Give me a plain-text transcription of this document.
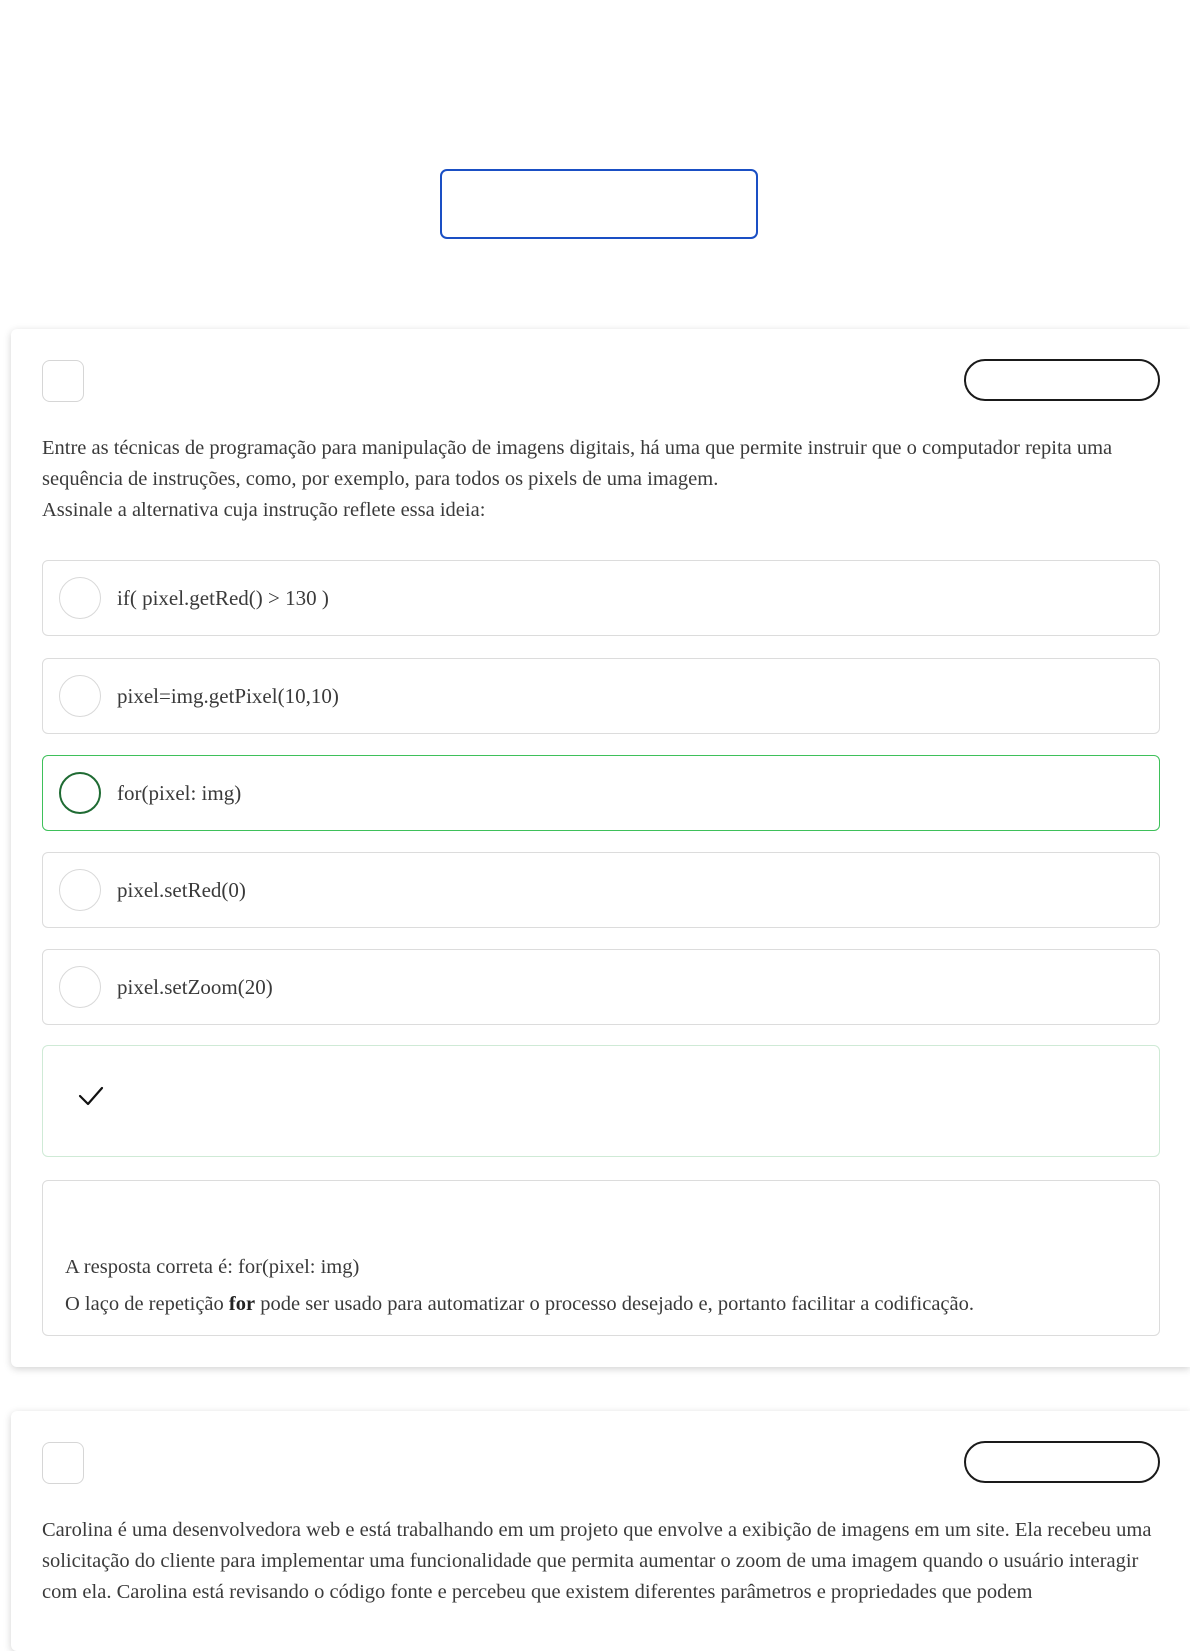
Entre as técnicas de programação para manipulação de imagens digitais, há uma que permite instruir que o computador repita uma sequência de instruções, como, por exemplo, para todos os pixels de uma imagem.

Assinale a alternativa cuja instrução reflete essa ideia:

if( pixel.getRed() > 130 )
pixel=img.getPixel(10,10)
for(pixel: img)
pixel.setRed(0)
pixel.setZoom(20)
A resposta correta é: for(pixel: img)
O laço de repetição for pode ser usado para automatizar o processo desejado e, portanto facilitar a codificação.

Carolina é uma desenvolvedora web e está trabalhando em um projeto que envolve a exibição de imagens em um site. Ela recebeu uma solicitação do cliente para implementar uma funcionalidade que permita aumentar o zoom de uma imagem quando o usuário interagir com ela. Carolina está revisando o código fonte e percebeu que existem diferentes parâmetros e propriedades que podem
